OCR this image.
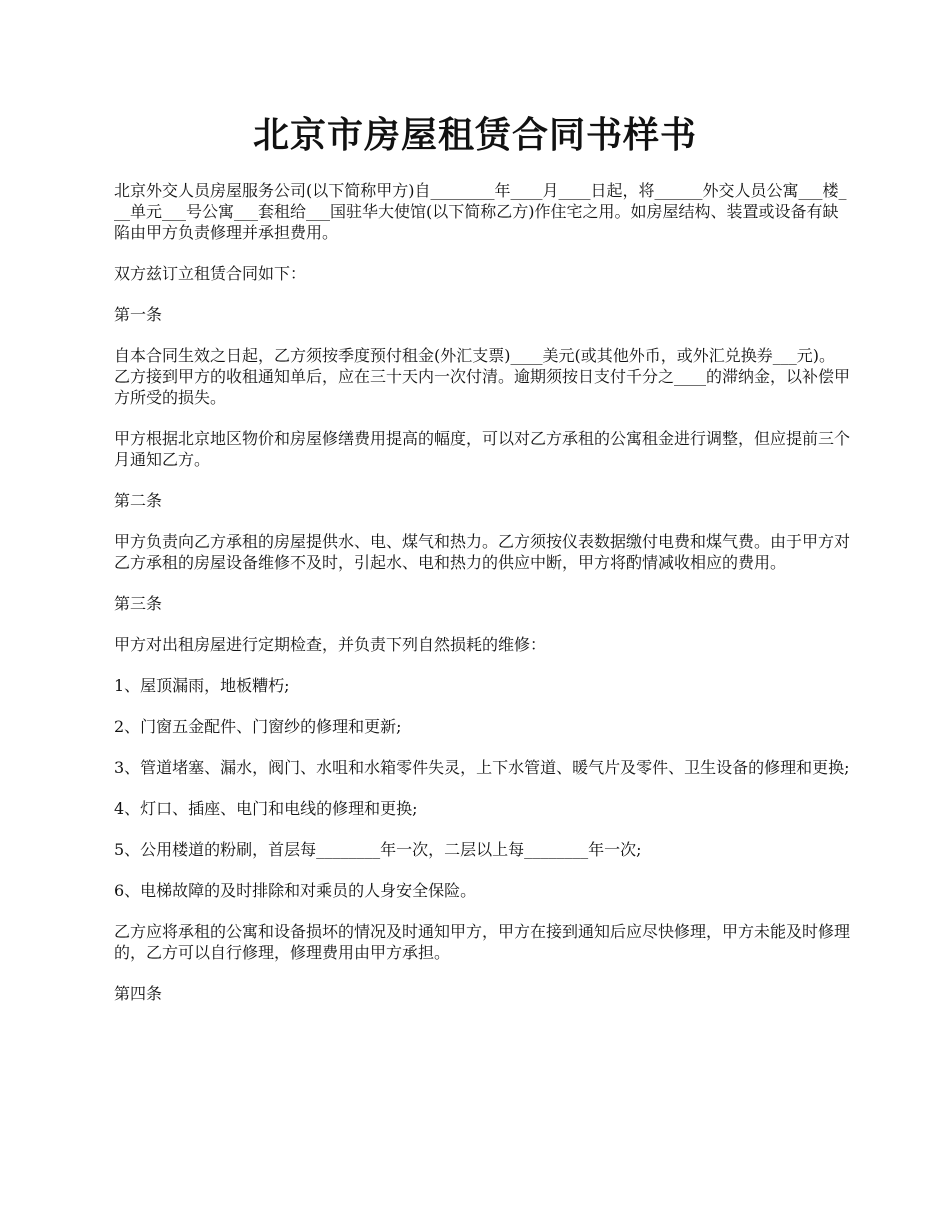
北京市房屋租赁合同书样书

北京外交人员房屋服务公司(以下简称甲方)自________年____月____日起，将______外交人员公寓___楼___单元___号公寓___套租给___国驻华大使馆(以下简称乙方)作住宅之用。如房屋结构、装置或设备有缺陷由甲方负责修理并承担费用。

双方兹订立租赁合同如下：

第一条

自本合同生效之日起，乙方须按季度预付租金(外汇支票)____美元(或其他外币，或外汇兑换券___元)。乙方接到甲方的收租通知单后，应在三十天内一次付清。逾期须按日支付千分之____的滞纳金，以补偿甲方所受的损失。

甲方根据北京地区物价和房屋修缮费用提高的幅度，可以对乙方承租的公寓租金进行调整，但应提前三个月通知乙方。

第二条

甲方负责向乙方承租的房屋提供水、电、煤气和热力。乙方须按仪表数据缴付电费和煤气费。由于甲方对乙方承租的房屋设备维修不及时，引起水、电和热力的供应中断，甲方将酌情减收相应的费用。

第三条

甲方对出租房屋进行定期检查，并负责下列自然损耗的维修：

1、屋顶漏雨，地板糟朽;

2、门窗五金配件、门窗纱的修理和更新;

3、管道堵塞、漏水，阀门、水咀和水箱零件失灵，上下水管道、暖气片及零件、卫生设备的修理和更换;

4、灯口、插座、电门和电线的修理和更换;

5、公用楼道的粉刷，首层每________年一次，二层以上每________年一次;

6、电梯故障的及时排除和对乘员的人身安全保险。

乙方应将承租的公寓和设备损坏的情况及时通知甲方，甲方在接到通知后应尽快修理，甲方未能及时修理的，乙方可以自行修理，修理费用由甲方承担。

第四条
